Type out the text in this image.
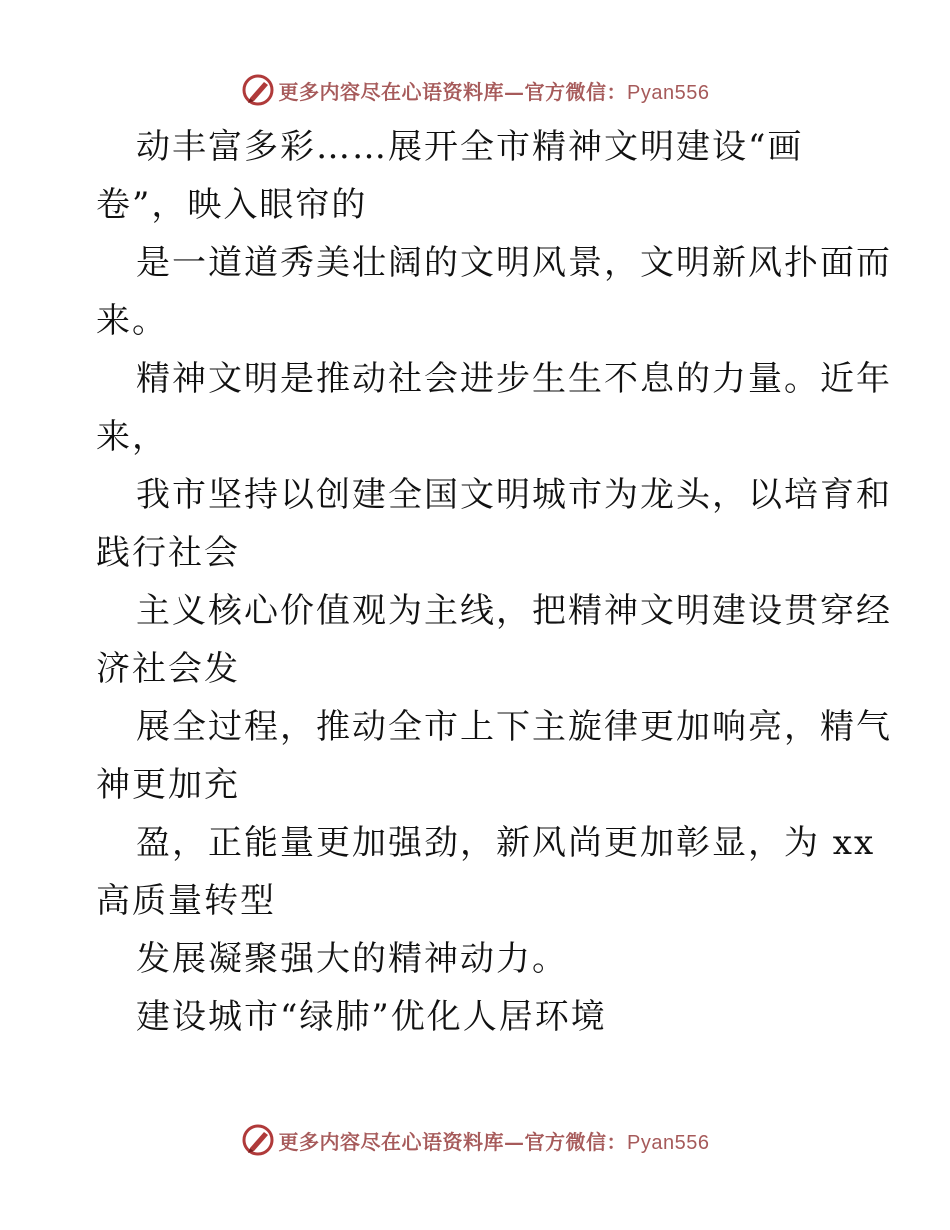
更多内容尽在心语资料库—官方微信：Pyan556
动丰富多彩……展开全市精神文明建设“画
卷”，映入眼帘的
是一道道秀美壮阔的文明风景，文明新风扑面而
来。
精神文明是推动社会进步生生不息的力量。近年
来，
我市坚持以创建全国文明城市为龙头，以培育和
践行社会
主义核心价值观为主线，把精神文明建设贯穿经
济社会发
展全过程，推动全市上下主旋律更加响亮，精气
神更加充
盈，正能量更加强劲，新风尚更加彰显，为 xx
高质量转型
发展凝聚强大的精神动力。
建设城市“绿肺”优化人居环境
更多内容尽在心语资料库—官方微信：Pyan556
